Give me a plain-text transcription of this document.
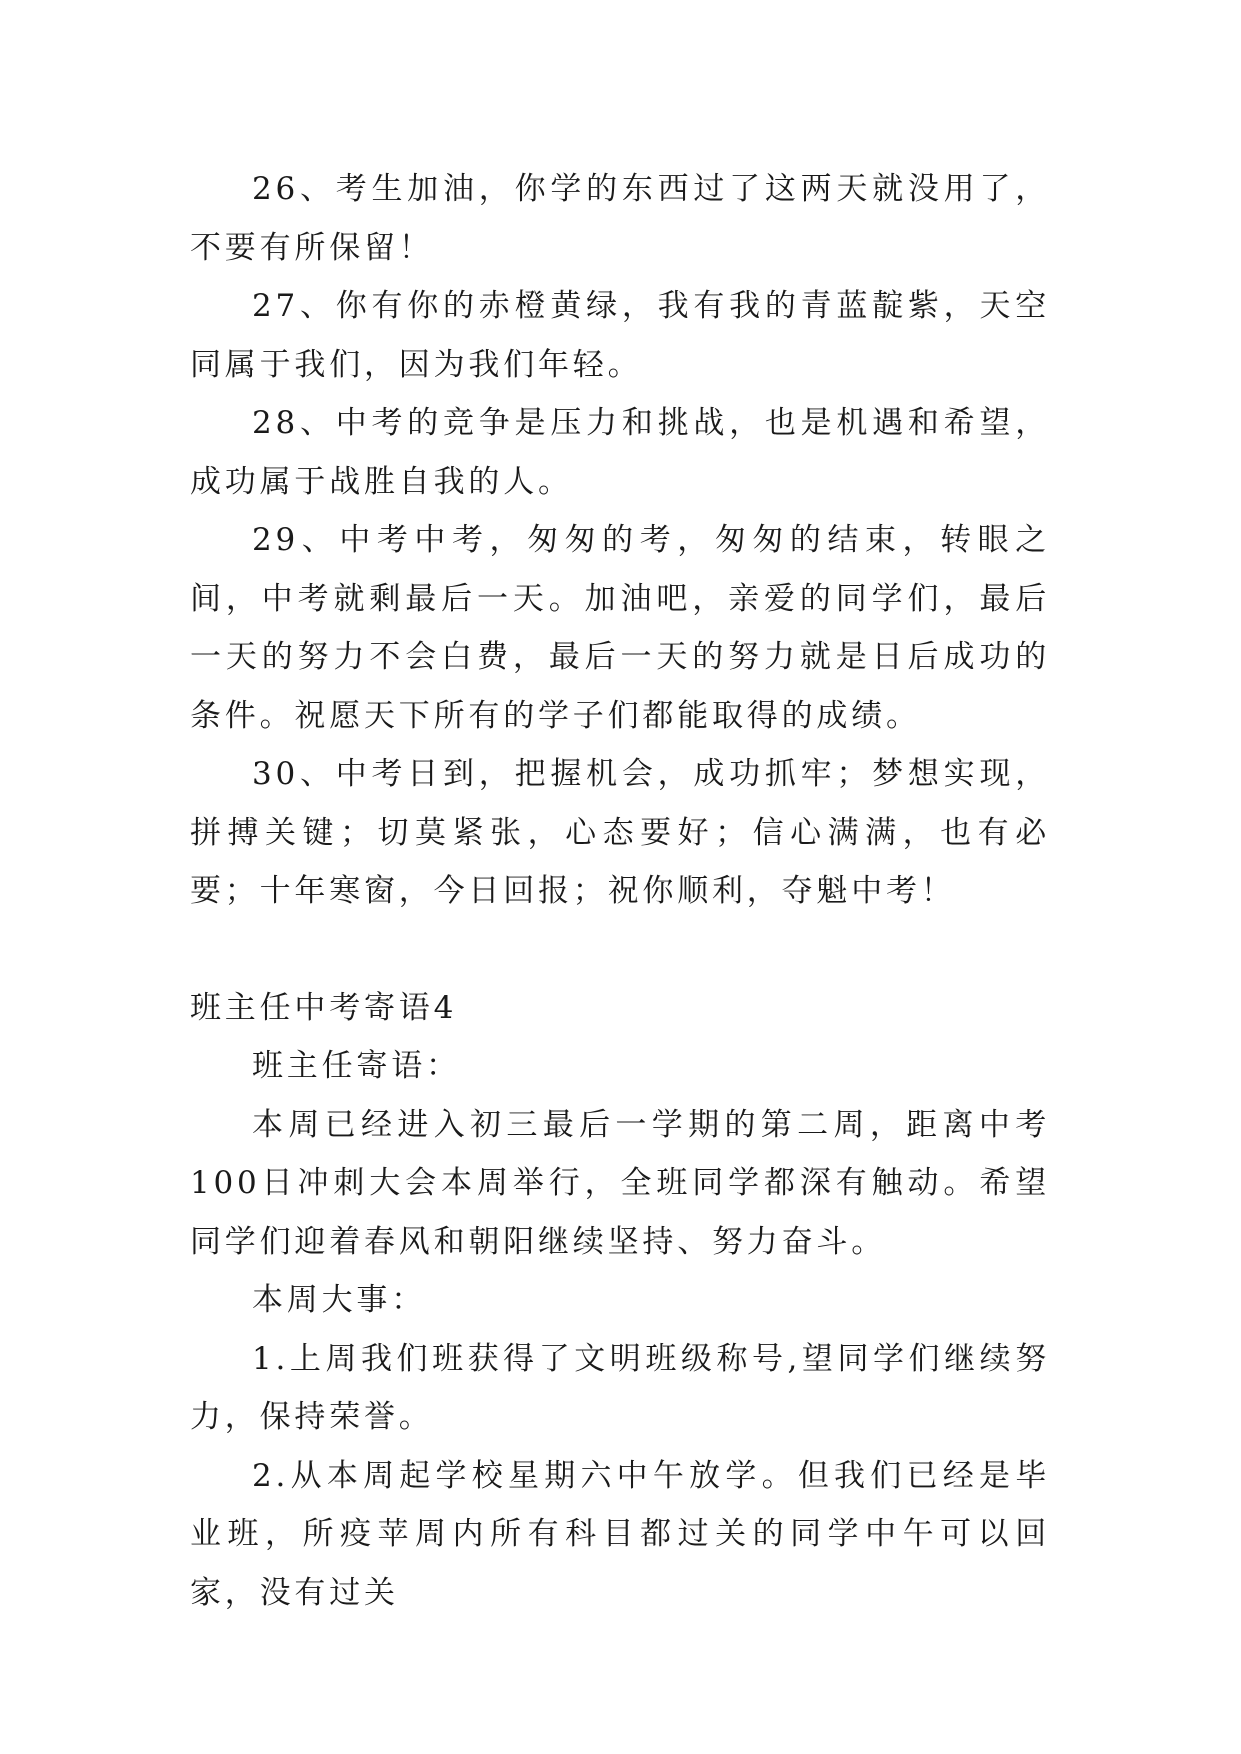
26、考生加油，你学的东西过了这两天就没用了，不要有所保留！

27、你有你的赤橙黄绿，我有我的青蓝靛紫，天空同属于我们，因为我们年轻。

28、中考的竞争是压力和挑战，也是机遇和希望，成功属于战胜自我的人。

29、中考中考，匆匆的考，匆匆的结束，转眼之间，中考就剩最后一天。加油吧，亲爱的同学们，最后一天的努力不会白费，最后一天的努力就是日后成功的条件。祝愿天下所有的学子们都能取得的成绩。

30、中考日到，把握机会，成功抓牢；梦想实现，拼搏关键；切莫紧张，心态要好；信心满满，也有必要；十年寒窗，今日回报；祝你顺利，夺魁中考！

班主任中考寄语4

班主任寄语：

本周已经进入初三最后一学期的第二周，距离中考100日冲刺大会本周举行，全班同学都深有触动。希望同学们迎着春风和朝阳继续坚持、努力奋斗。

本周大事：

1.上周我们班获得了文明班级称号,望同学们继续努力，保持荣誉。

2.从本周起学校星期六中午放学。但我们已经是毕业班，所疫苹周内所有科目都过关的同学中午可以回家，没有过关
